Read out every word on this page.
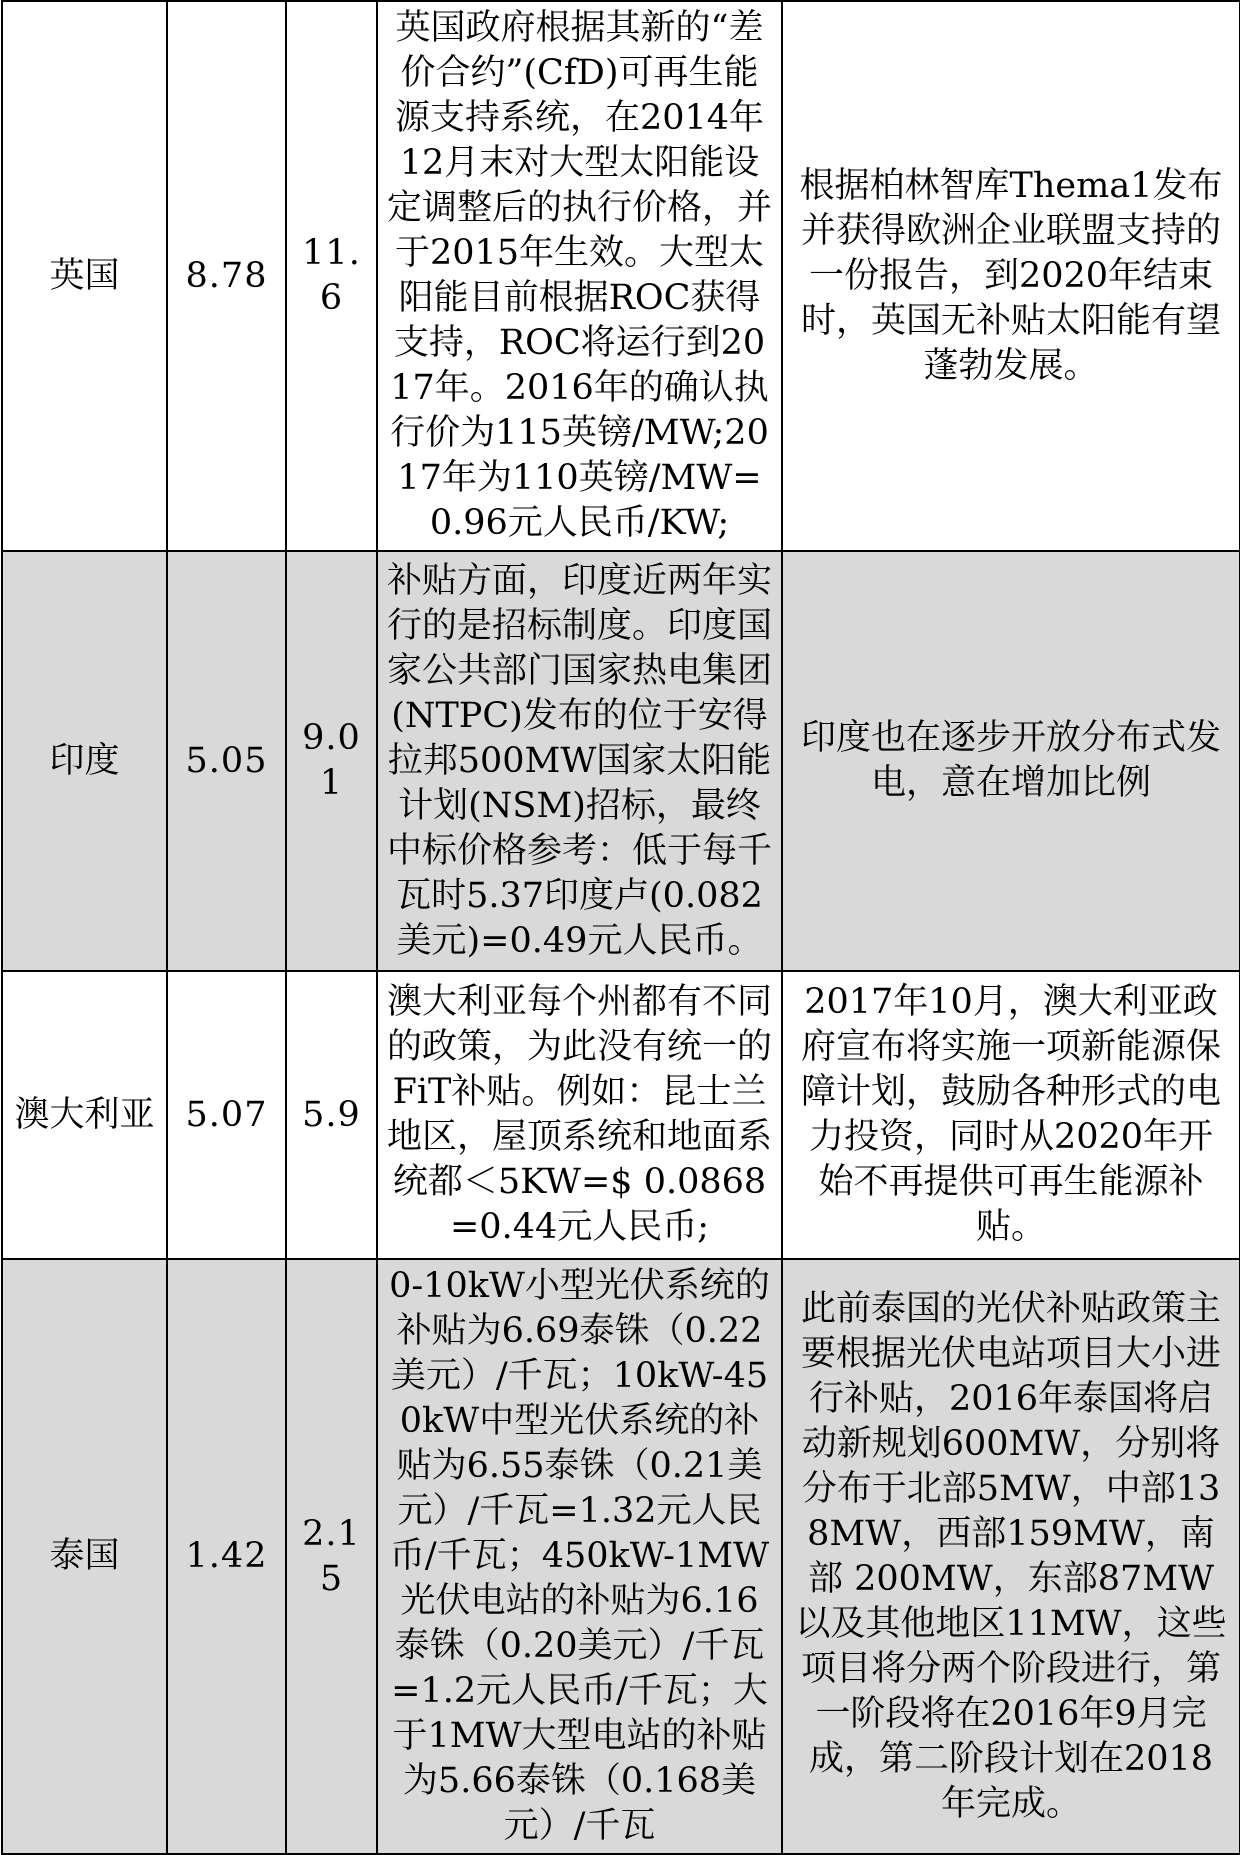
英国	8.78	11.6	英国政府根据其新的“差价合约”(CfD)可再生能源支持系统，在2014年12月末对大型太阳能设定调整后的执行价格，并于2015年生效。大型太阳能目前根据ROC获得支持，ROC将运行到2017年。2016年的确认执行价为115英镑/MW;2017年为110英镑/MW=0.96元人民币/KW;	根据柏林智库Thema1发布并获得欧洲企业联盟支持的一份报告，到2020年结束时，英国无补贴太阳能有望蓬勃发展。
印度	5.05	9.01	补贴方面，印度近两年实行的是招标制度。印度国家公共部门国家热电集团(NTPC)发布的位于安得拉邦500MW国家太阳能计划(NSM)招标，最终中标价格参考：低于每千瓦时5.37印度卢(0.082美元)=0.49元人民币。	印度也在逐步开放分布式发电，意在增加比例
澳大利亚	5.07	5.9	澳大利亚每个州都有不同的政策，为此没有统一的FiT补贴。例如：昆士兰地区，屋顶系统和地面系统都＜5KW=$ 0.0868=0.44元人民币;	2017年10月，澳大利亚政府宣布将实施一项新能源保障计划，鼓励各种形式的电力投资，同时从2020年开始不再提供可再生能源补贴。
泰国	1.42	2.15	0-10kW小型光伏系统的补贴为6.69泰铢（0.22美元）/千瓦；10kW-450kW中型光伏系统的补贴为6.55泰铢（0.21美元）/千瓦=1.32元人民币/千瓦；450kW-1MW光伏电站的补贴为6.16泰铢（0.20美元）/千瓦=1.2元人民币/千瓦；大于1MW大型电站的补贴为5.66泰铢（0.168美元）/千瓦	此前泰国的光伏补贴政策主要根据光伏电站项目大小进行补贴，2016年泰国将启动新规划600MW，分别将分布于北部5MW，中部138MW，西部159MW，南部 200MW，东部87MW以及其他地区11MW，这些项目将分两个阶段进行，第一阶段将在2016年9月完成，第二阶段计划在2018年完成。
